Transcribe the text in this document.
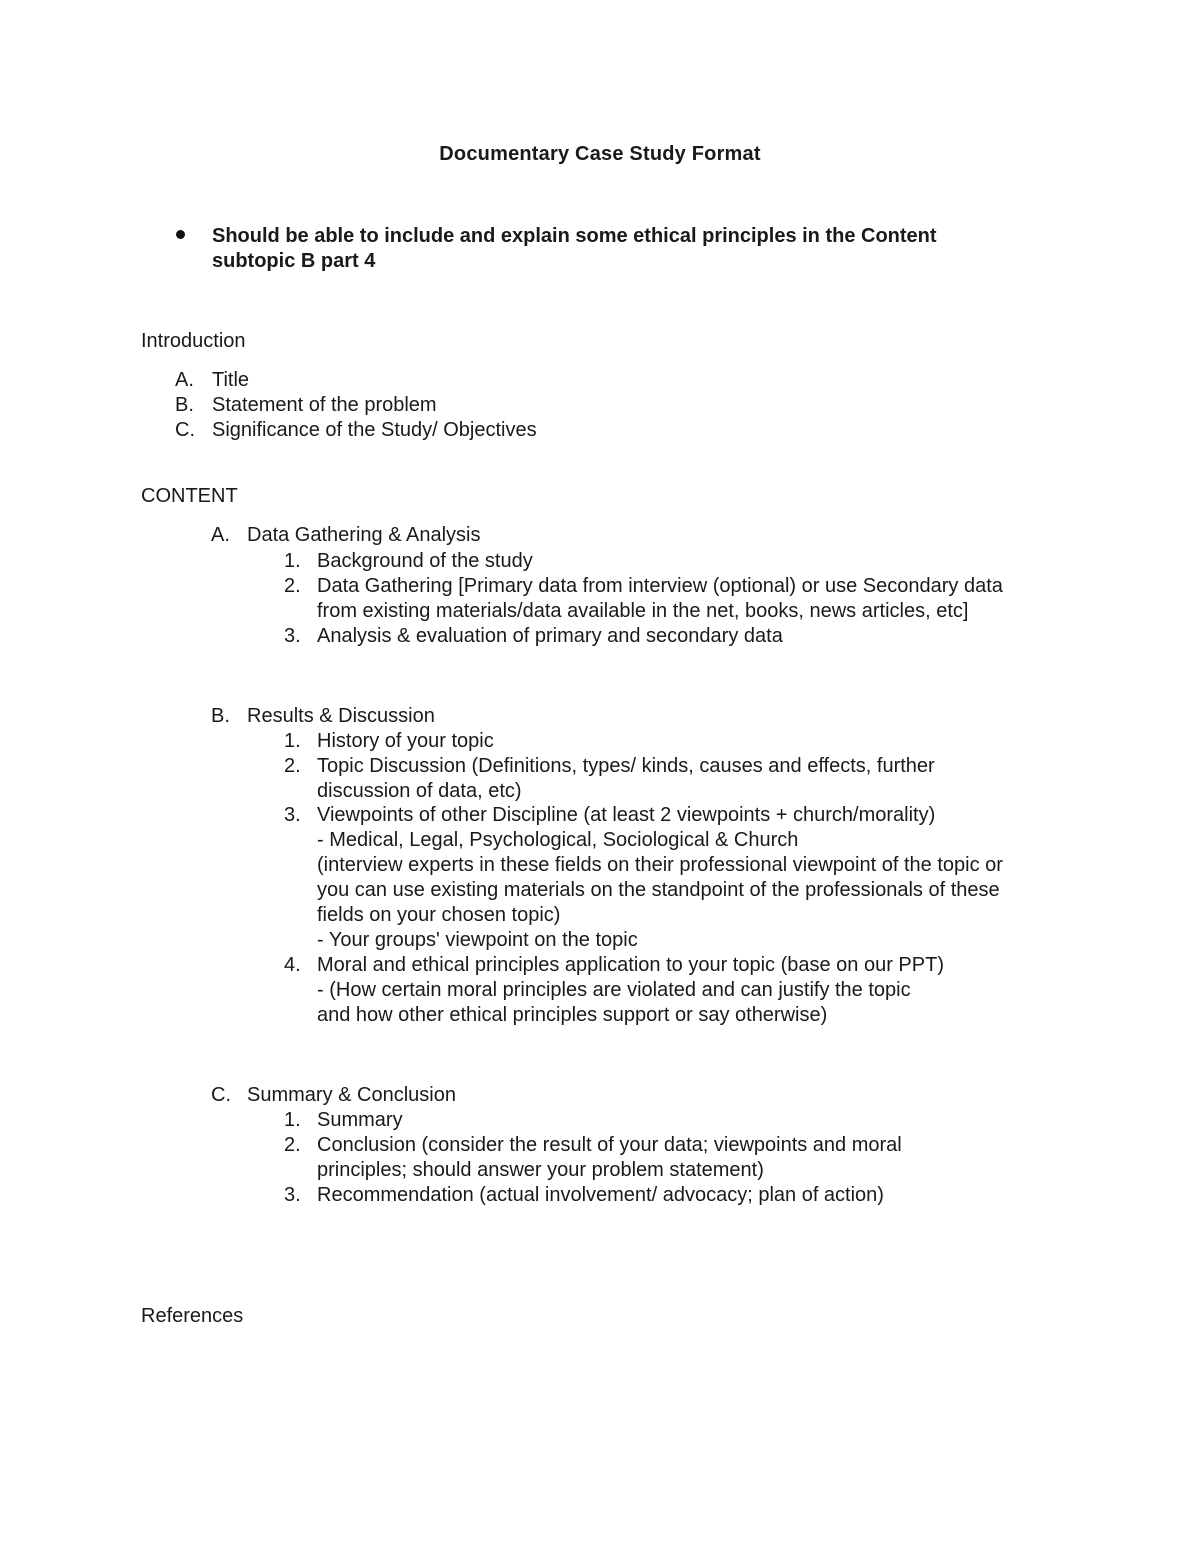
Documentary Case Study Format
Should be able to include and explain some ethical principles in the Content
subtopic B part 4
Introduction
A. Title
B. Statement of the problem
C. Significance of the Study/ Objectives
CONTENT
A. Data Gathering & Analysis
1. Background of the study
2. Data Gathering [Primary data from interview (optional) or use Secondary data
from existing materials/data available in the net, books, news articles, etc]
3. Analysis & evaluation of primary and secondary data
B. Results & Discussion
1. History of your topic
2. Topic Discussion (Definitions, types/ kinds, causes and effects, further
discussion of data, etc)
3. Viewpoints of other Discipline (at least 2 viewpoints + church/morality)
- Medical, Legal, Psychological, Sociological & Church
(interview experts in these fields on their professional viewpoint of the topic or
you can use existing materials on the standpoint of the professionals of these
fields on your chosen topic)
- Your groups' viewpoint on the topic
4. Moral and ethical principles application to your topic (base on our PPT)
- (How certain moral principles are violated and can justify the topic
and how other ethical principles support or say otherwise)
C. Summary & Conclusion
1. Summary
2. Conclusion (consider the result of your data; viewpoints and moral
principles; should answer your problem statement)
3. Recommendation (actual involvement/ advocacy; plan of action)
References
